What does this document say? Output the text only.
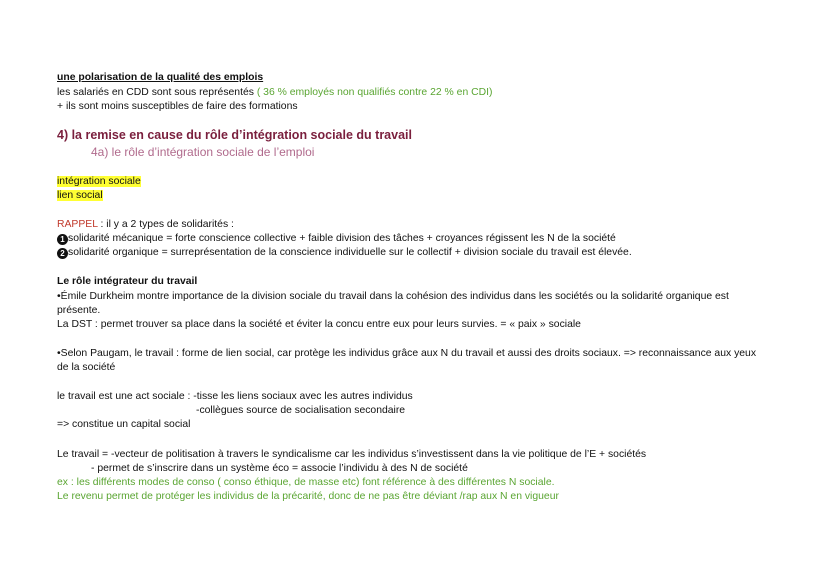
une polarisation de la qualité des emplois
les salariés en CDD sont sous représentés ( 36 % employés non qualifiés contre 22 % en CDI)
+ ils sont moins susceptibles de faire des formations
4) la remise en cause du rôle d’intégration sociale du travail
4a) le rôle d’intégration sociale de l’emploi
intégration sociale
lien social
RAPPEL : il y a 2 types de solidarités :
1 solidarité mécanique = forte conscience collective + faible division des tâches + croyances régissent les N de la société
2 solidarité organique = surreprésentation de la conscience individuelle sur le collectif + division sociale du travail est élevée.
Le rôle intégrateur du travail
•Émile Durkheim montre importance de la division sociale du travail dans la cohésion des individus dans les sociétés ou la solidarité organique est
présente.
La DST : permet trouver sa place dans la société et éviter la concu entre eux pour leurs survies. = « paix » sociale
•Selon Paugam, le travail : forme de lien social, car protège les individus grâce aux N du travail et aussi des droits sociaux. => reconnaissance aux yeux
de la société
le travail est une act sociale : -tisse les liens sociaux avec les autres individus
-collègues source de socialisation secondaire
=> constitue un capital social
Le travail = -vecteur de politisation à travers le syndicalisme car les individus s’investissent dans la vie politique de l’E + sociétés
- permet de s’inscrire dans un système éco = associe l’individu à des N de société
ex : les différents modes de conso ( conso éthique, de masse etc) font référence à des différentes N sociale.
Le revenu permet de protéger les individus de la précarité, donc de ne pas être déviant /rap aux N en vigueur
